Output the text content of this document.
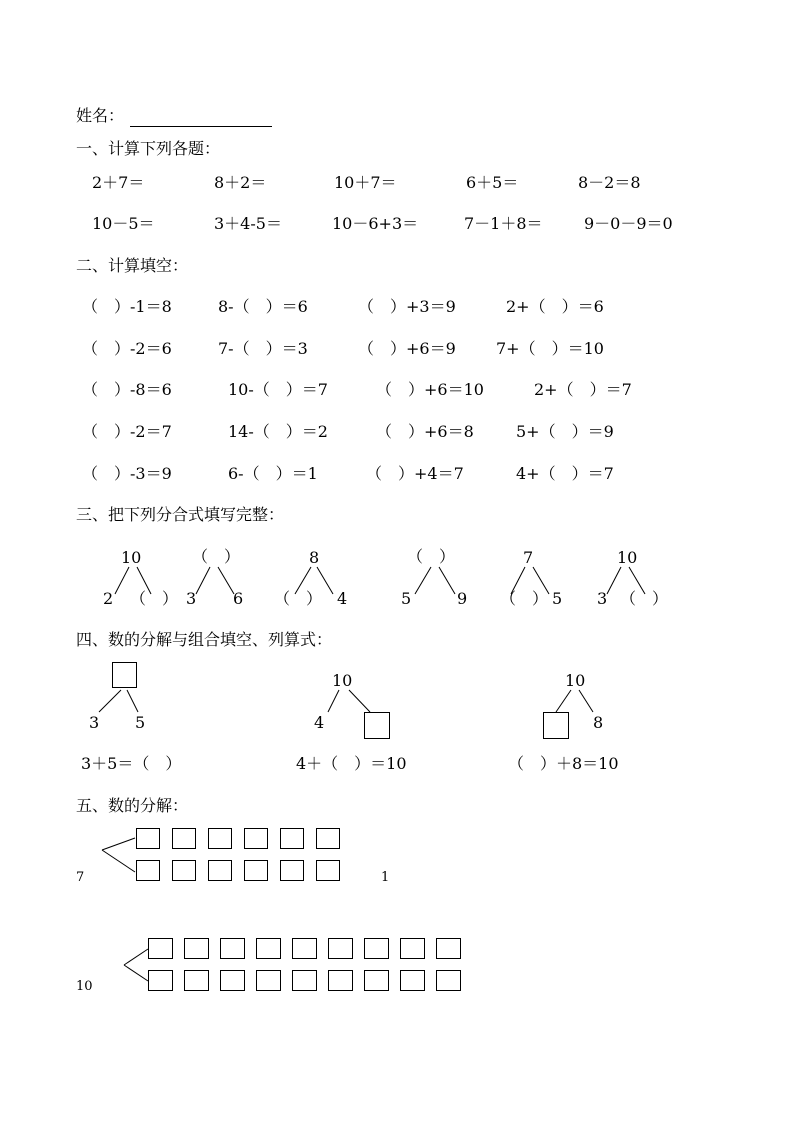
姓名：
一、计算下列各题：
2＋7＝	8＋2＝	10＋7＝	6＋5＝	8－2＝8
10－5＝	3＋4-5＝	10－6+3＝	7－1＋8＝	9－0－9＝0
二、计算填空：
（　）-1＝8	8-（　）＝6	（　）+3＝9	2+（　）＝6
（　）-2＝6	7-（　）＝3	（　）+6＝9	7+（　）＝10
（　）-8＝6	10-（　）＝7	（　）+6＝10	2+（　）＝7
（　）-2＝7	14-（　）＝2	（　）+6＝8	5+（　）＝9
（　）-3＝9	6-（　）＝1	（　）+4＝7	4+（　）＝7
三、把下列分合式填写完整：
10
2 （　）
（　）
3 6
8
（　） 4
（　）
5	9
7
（　） 5
10
3 （　）
四、数的分解与组合填空、列算式：
3 5
3＋5＝（　）
10
4
4＋（　）＝10
10
8
（　）＋8＝10
五、数的分解：
7	1
10
